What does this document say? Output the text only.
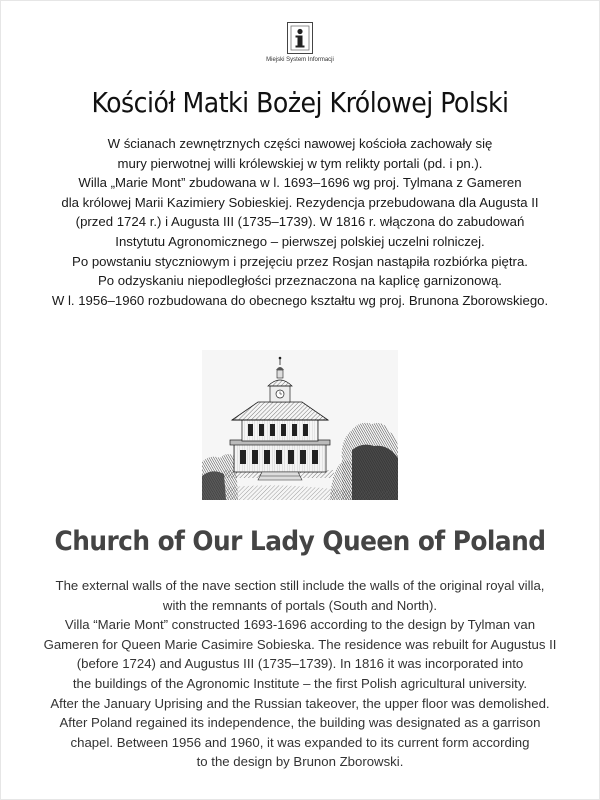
Miejski System Informacji
Kościół Matki Bożej Królowej Polski

W ścianach zewnętrznych części nawowej kościoła zachowały się

mury pierwotnej willi królewskiej w tym relikty portali (pd. i pn.).

Willa „Marie Mont” zbudowana w l. 1693–1696 wg proj. Tylmana z Gameren

dla królowej Marii Kazimiery Sobieskiej. Rezydencja przebudowana dla Augusta II

(przed 1724 r.) i Augusta III (1735–1739). W 1816 r. włączona do zabudowań

Instytutu Agronomicznego – pierwszej polskiej uczelni rolniczej.

Po powstaniu styczniowym i przejęciu przez Rosjan nastąpiła rozbiórka piętra.

Po odzyskaniu niepodległości przeznaczona na kaplicę garnizonową.

W l. 1956–1960 rozbudowana do obecnego kształtu wg proj. Brunona Zborowskiego.

Church of Our Lady Queen of Poland

The external walls of the nave section still include the walls of the original royal villa,

with the remnants of portals (South and North).

Villa “Marie Mont” constructed 1693-1696 according to the design by Tylman van

Gameren for Queen Marie Casimire Sobieska. The residence was rebuilt for Augustus II

(before 1724) and Augustus III (1735–1739). In 1816 it was incorporated into

the buildings of the Agronomic Institute – the first Polish agricultural university.

After the January Uprising and the Russian takeover, the upper floor was demolished.

After Poland regained its independence, the building was designated as a garrison

chapel. Between 1956 and 1960, it was expanded to its current form according

to the design by Brunon Zborowski.
